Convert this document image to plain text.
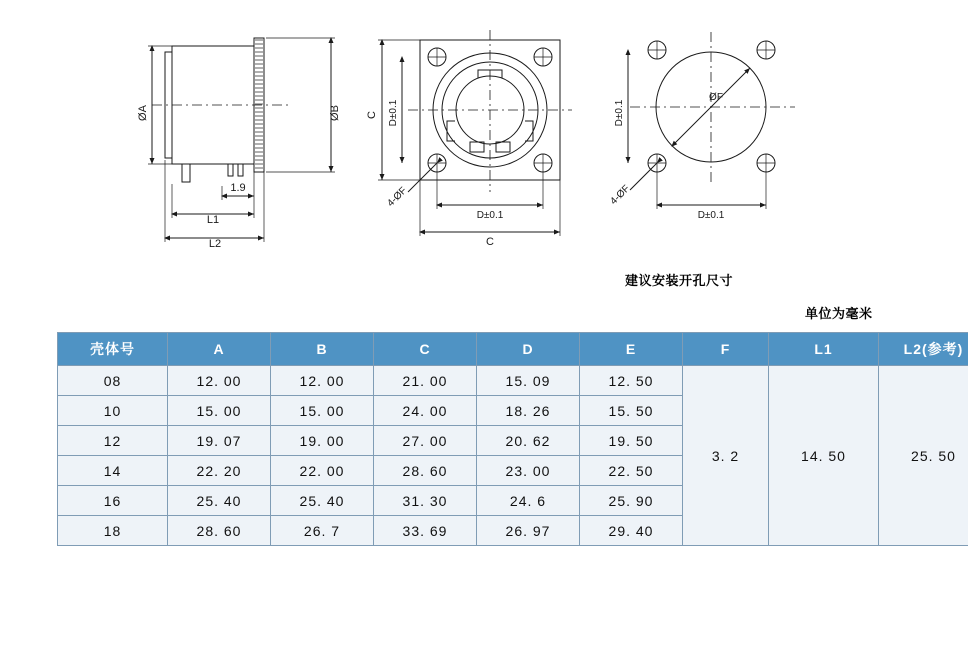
ØA	ØB
1.9
L1
L2
C D±0.1
D±0.1
C
4-ØF
D±0.1
D±0.1
ØF
4-ØF
建议安装开孔尺寸
单位为毫米
壳体号	A	B	C	D	E	F	L1	L2(参考)
08	12. 00	12. 00	21. 00	15. 09	12. 50	3. 2	14. 50	25. 50
10	15. 00	15. 00	24. 00	18. 26	15. 50			
12	19. 07	19. 00	27. 00	20. 62	19. 50			
14	22. 20	22. 00	28. 60	23. 00	22. 50			
16	25. 40	25. 40	31. 30	24. 6	25. 90			
18	28. 60	26. 7	33. 69	26. 97	29. 40			
